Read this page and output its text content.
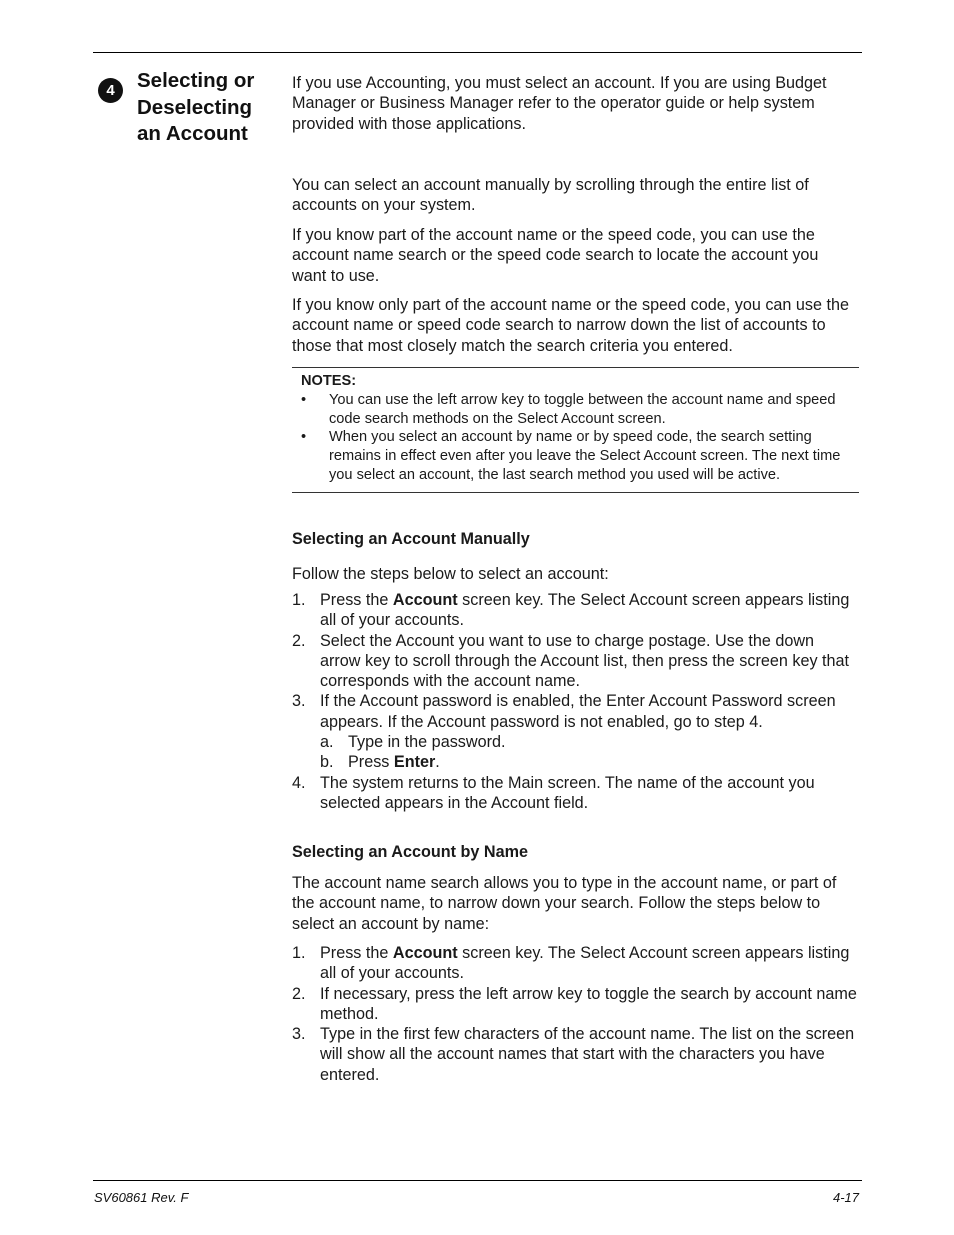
4	Selecting or
Deselecting
an Account

If you use Accounting, you must select an account. If you are using Budget Manager or Business Manager refer to the operator guide or help system provided with those applications.

You can select an account manually by scrolling through the entire list of accounts on your system.

If you know part of the account name or the speed code, you can use the account name search or the speed code search to locate the account you want to use.

If you know only part of the account name or the speed code, you can use the account name or speed code search to narrow down the list of accounts to those that most closely match the search criteria you entered.

NOTES:
• You can use the left arrow key to toggle between the account name and speed code search methods on the Select Account screen.
• When you select an account by name or by speed code, the search setting remains in effect even after you leave the Select Account screen. The next time you select an account, the last search method you used will be active.
Selecting an Account Manually

Follow the steps below to select an account:

1. Press the Account screen key. The Select Account screen appears listing all of your accounts.
2. Select the Account you want to use to charge postage. Use the down arrow key to scroll through the Account list, then press the screen key that corresponds with the account name.
3. If the Account password is enabled, the Enter Account Password screen appears. If the Account password is not enabled, go to step 4.
a. Type in the password.
b. Press Enter.
4. The system returns to the Main screen. The name of the account you selected appears in the Account field.
Selecting an Account by Name

The account name search allows you to type in the account name, or part of the account name, to narrow down your search. Follow the steps below to select an account by name:

1. Press the Account screen key. The Select Account screen appears listing all of your accounts.
2. If necessary, press the left arrow key to toggle the search by account name method.
3. Type in the first few characters of the account name. The list on the screen will show all the account names that start with the characters you have entered.
SV60861 Rev. F	4-17
